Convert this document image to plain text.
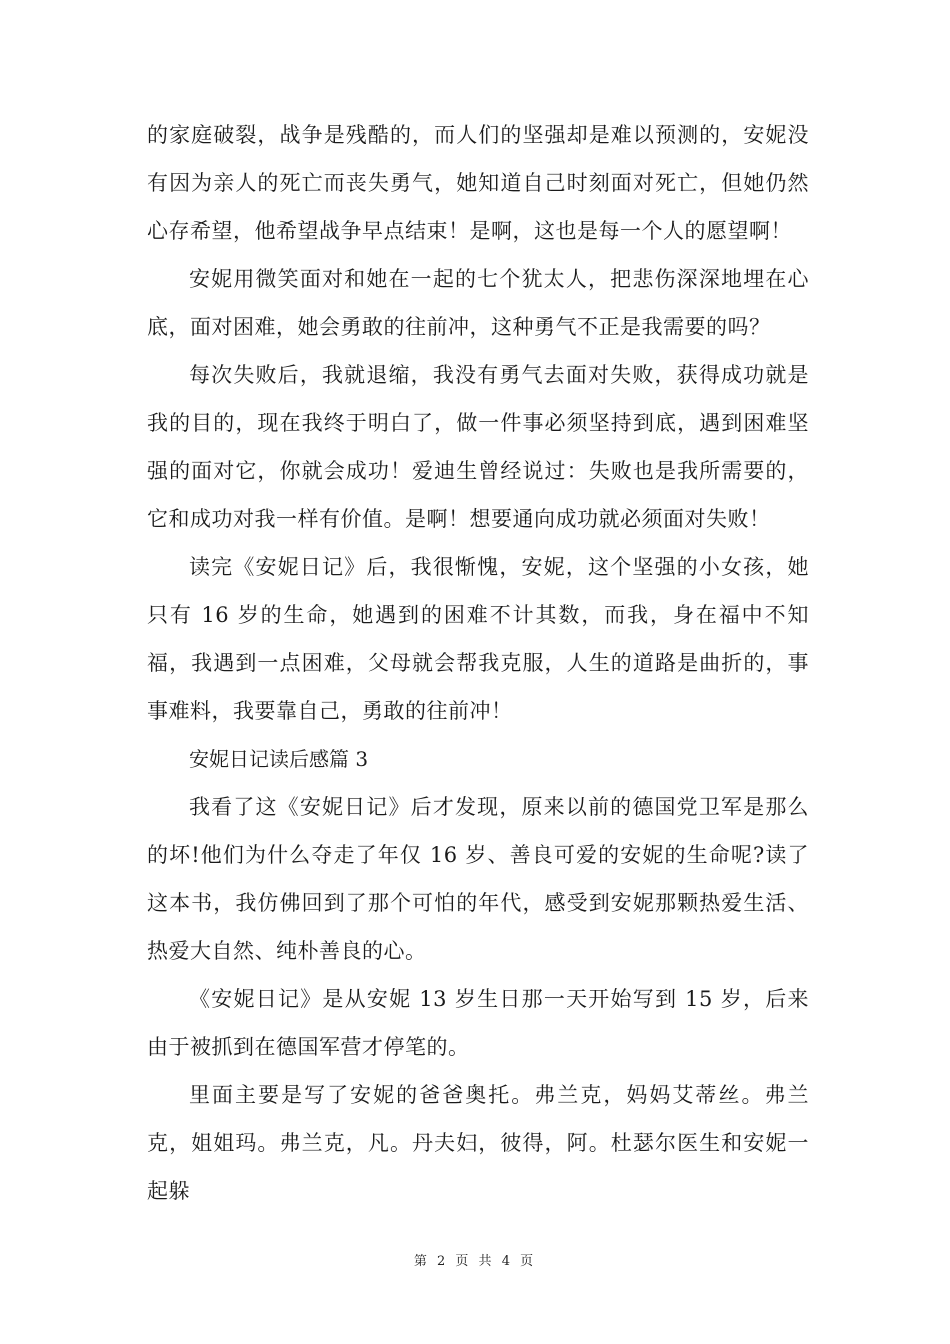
的家庭破裂，战争是残酷的，而人们的坚强却是难以预测的，安妮没有因为亲人的死亡而丧失勇气，她知道自己时刻面对死亡，但她仍然心存希望，他希望战争早点结束！是啊，这也是每一个人的愿望啊！

安妮用微笑面对和她在一起的七个犹太人，把悲伤深深地埋在心底，面对困难，她会勇敢的往前冲，这种勇气不正是我需要的吗？

每次失败后，我就退缩，我没有勇气去面对失败，获得成功就是我的目的，现在我终于明白了，做一件事必须坚持到底，遇到困难坚强的面对它，你就会成功！爱迪生曾经说过：失败也是我所需要的，它和成功对我一样有价值。是啊！想要通向成功就必须面对失败！

读完《安妮日记》后，我很惭愧，安妮，这个坚强的小女孩，她只有 16 岁的生命，她遇到的困难不计其数，而我，身在福中不知福，我遇到一点困难，父母就会帮我克服，人生的道路是曲折的，事事难料，我要靠自己，勇敢的往前冲！

安妮日记读后感篇 3

我看了这《安妮日记》后才发现，原来以前的德国党卫军是那么的坏!他们为什么夺走了年仅 16 岁、善良可爱的安妮的生命呢?读了这本书，我仿佛回到了那个可怕的年代，感受到安妮那颗热爱生活、热爱大自然、纯朴善良的心。

《安妮日记》是从安妮 13 岁生日那一天开始写到 15 岁，后来由于被抓到在德国军营才停笔的。

里面主要是写了安妮的爸爸奥托。弗兰克，妈妈艾蒂丝。弗兰克，姐姐玛。弗兰克，凡。丹夫妇，彼得，阿。杜瑟尔医生和安妮一起躲

第 2 页 共 4 页
